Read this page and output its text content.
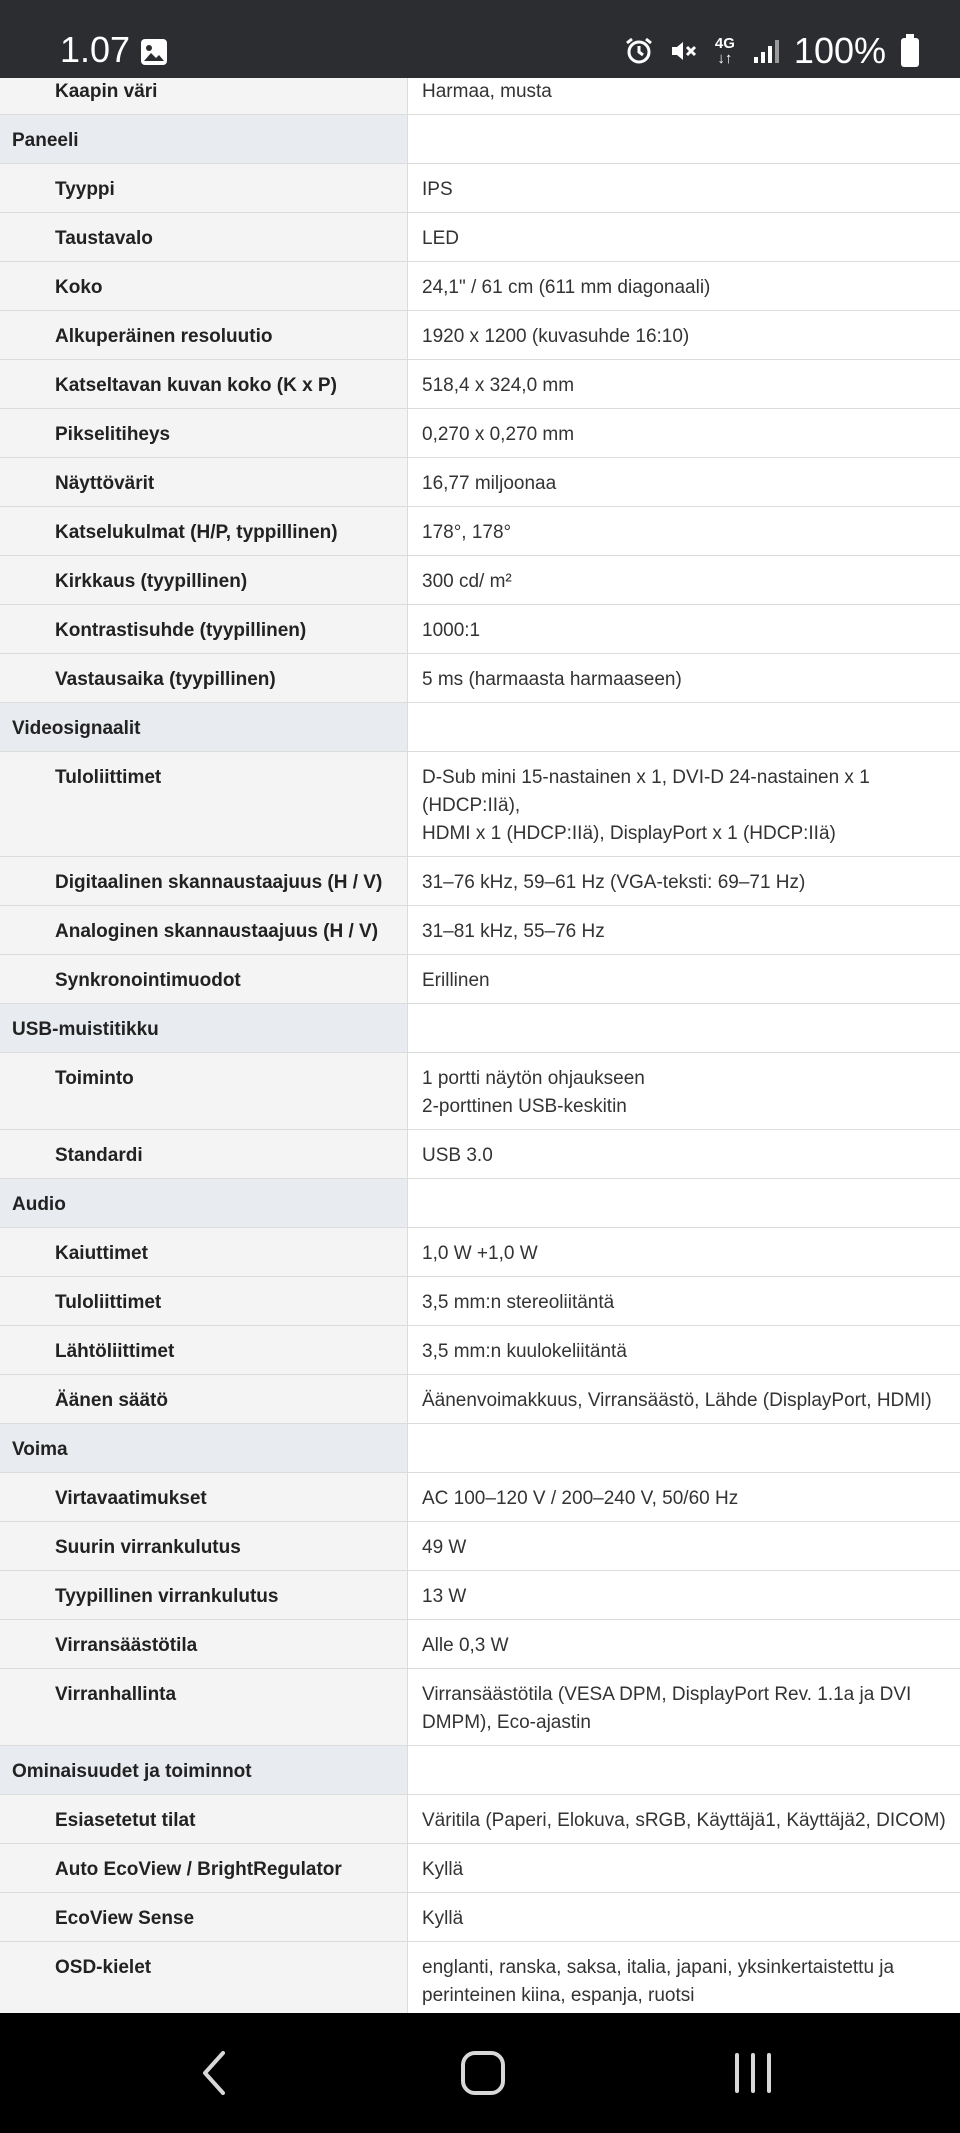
1.07	4G
↓↑ 100%
Kaapin väri	Harmaa, musta
Paneeli
Tyyppi	IPS
Taustavalo	LED
Koko	24,1" / 61 cm (611 mm diagonaali)
Alkuperäinen resoluutio	1920 x 1200 (kuvasuhde 16:10)
Katseltavan kuvan koko (K x P)	518,4 x 324,0 mm
Pikselitiheys	0,270 x 0,270 mm
Näyttövärit	16,77 miljoonaa
Katselukulmat (H/P, typpillinen)	178°, 178°
Kirkkaus (tyypillinen)	300 cd/ m²
Kontrastisuhde (tyypillinen)	1000:1
Vastausaika (tyypillinen)	5 ms (harmaasta harmaaseen)
Videosignaalit
Tuloliittimet	D-Sub mini 15-nastainen x 1, DVI-D 24-nastainen x 1 (HDCP:IIä),
HDMI x 1 (HDCP:IIä), DisplayPort x 1 (HDCP:IIä)
Digitaalinen skannaustaajuus (H / V)	31–76 kHz, 59–61 Hz (VGA-teksti: 69–71 Hz)
Analoginen skannaustaajuus (H / V)	31–81 kHz, 55–76 Hz
Synkronointimuodot	Erillinen
USB-muistitikku
Toiminto	1 portti näytön ohjaukseen
2-porttinen USB-keskitin
Standardi	USB 3.0
Audio
Kaiuttimet	1,0 W +1,0 W
Tuloliittimet	3,5 mm:n stereoliitäntä
Lähtöliittimet	3,5 mm:n kuulokeliitäntä
Äänen säätö	Äänenvoimakkuus, Virransäästö, Lähde (DisplayPort, HDMI)
Voima
Virtavaatimukset	AC 100–120 V / 200–240 V, 50/60 Hz
Suurin virrankulutus	49 W
Tyypillinen virrankulutus	13 W
Virransäästötila	Alle 0,3 W
Virranhallinta	Virransäästötila (VESA DPM, DisplayPort Rev. 1.1a ja DVI
DMPM), Eco-ajastin
Ominaisuudet ja toiminnot
Esiasetetut tilat	Väritila (Paperi, Elokuva, sRGB, Käyttäjä1, Käyttäjä2, DICOM)
Auto EcoView / BrightRegulator	Kyllä
EcoView Sense	Kyllä
OSD-kielet	englanti, ranska, saksa, italia, japani, yksinkertaistettu ja
perinteinen kiina, espanja, ruotsi
